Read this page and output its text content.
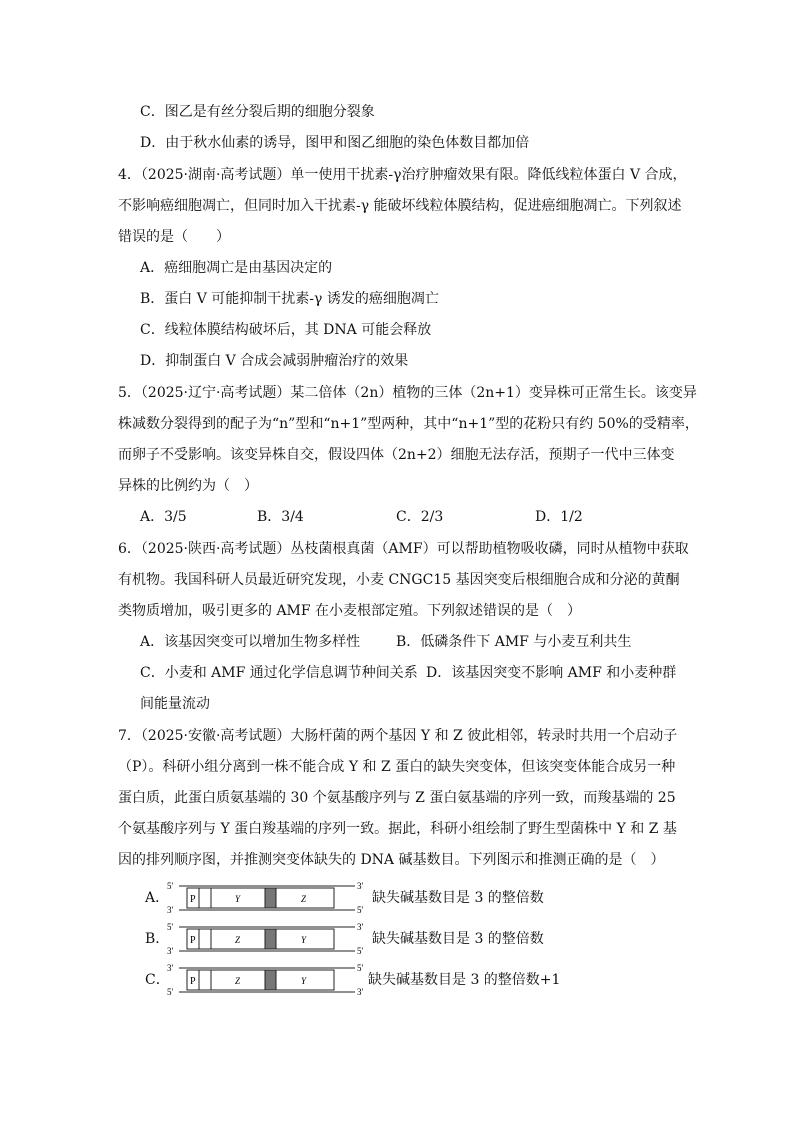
C．图乙是有丝分裂后期的细胞分裂象
D．由于秋水仙素的诱导，图甲和图乙细胞的染色体数目都加倍
4．（2025·湖南·高考试题）单一使用干扰素-γ治疗肿瘤效果有限。降低线粒体蛋白 V 合成，
不影响癌细胞凋亡，但同时加入干扰素-γ 能破坏线粒体膜结构，促进癌细胞凋亡。下列叙述
错误的是（　　）
A．癌细胞凋亡是由基因决定的
B．蛋白 V 可能抑制干扰素-γ 诱发的癌细胞凋亡
C．线粒体膜结构破坏后，其 DNA 可能会释放
D．抑制蛋白 V 合成会减弱肿瘤治疗的效果
5．（2025·辽宁·高考试题）某二倍体（2n）植物的三体（2n+1）变异株可正常生长。该变异
株减数分裂得到的配子为“n”型和“n+1”型两种，其中“n+1”型的花粉只有约 50%的受精率，
而卵子不受影响。该变异株自交，假设四体（2n+2）细胞无法存活，预期子一代中三体变
异株的比例约为（　）
A．3/5	B．3/4	C．2/3	D．1/2
6．（2025·陕西·高考试题）丛枝菌根真菌（AMF）可以帮助植物吸收磷，同时从植物中获取
有机物。我国科研人员最近研究发现，小麦 CNGC15 基因突变后根细胞合成和分泌的黄酮
类物质增加，吸引更多的 AMF 在小麦根部定殖。下列叙述错误的是（　）
A．该基因突变可以增加生物多样性	B．低磷条件下 AMF 与小麦互利共生
C．小麦和 AMF 通过化学信息调节种间关系 D．该基因突变不影响 AMF 和小麦种群
间能量流动
7．（2025·安徽·高考试题）大肠杆菌的两个基因 Y 和 Z 彼此相邻，转录时共用一个启动子
（P）。科研小组分离到一株不能合成 Y 和 Z 蛋白的缺失突变体，但该突变体能合成另一种
蛋白质，此蛋白质氨基端的 30 个氨基酸序列与 Z 蛋白氨基端的序列一致，而羧基端的 25
个氨基酸序列与 Y 蛋白羧基端的序列一致。据此，科研小组绘制了野生型菌株中 Y 和 Z 基
因的排列顺序图，并推测突变体缺失的 DNA 碱基数目。下列图示和推测正确的是（　）
A．
5'
3'
P	Y	Z
3'
5'
缺失碱基数目是 3 的整倍数
B．
5'
3'
P	Z	Y
3'
5'
缺失碱基数目是 3 的整倍数
C．
3'
5'
P	Z	Y
5'
3'
缺失碱基数目是 3 的整倍数+1
